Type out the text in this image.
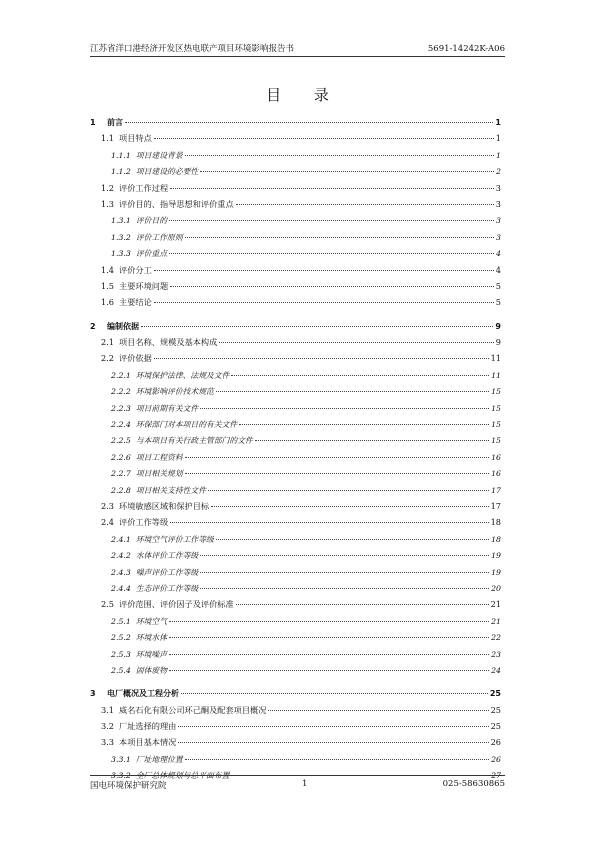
江苏省洋口港经济开发区热电联产项目环境影响报告书	5691-14242K-A06
目 录
1	前言	1
1.1 项目特点	1
1.1.1 项目建设背景	1
1.1.2 项目建设的必要性	2
1.2 评价工作过程	3
1.3 评价目的、指导思想和评价重点	3
1.3.1 评价目的	3
1.3.2 评价工作原则	3
1.3.3 评价重点	4
1.4 评价分工	4
1.5 主要环境问题	5
1.6 主要结论	5
2	编制依据	9
2.1 项目名称、规模及基本构成	9
2.2 评价依据	11
2.2.1 环境保护法律、法规及文件	11
2.2.2 环境影响评价技术规范	15
2.2.3 项目前期有关文件	15
2.2.4 环保部门对本项目的有关文件	15
2.2.5 与本项目有关行政主管部门的文件	15
2.2.6 项目工程资料	16
2.2.7 项目相关规划	16
2.2.8 项目相关支持性文件	17
2.3 环境敏感区域和保护目标	17
2.4 评价工作等级	18
2.4.1 环境空气评价工作等级	18
2.4.2 水体评价工作等级	19
2.4.3 噪声评价工作等级	19
2.4.4 生态评价工作等级	20
2.5 评价范围、评价因子及评价标准	21
2.5.1 环境空气	21
2.5.2 环境水体	22
2.5.3 环境噪声	23
2.5.4 固体废物	24
3	电厂概况及工程分析	25
3.1 威名石化有限公司环己酮及配套项目概况	25
3.2 厂址选择的理由	25
3.3 本项目基本情况	26
3.3.1 厂址地理位置	26
3.3.2 全厂总体规划与总平面布置	27
国电环境保护研究院	1	025-58630865
